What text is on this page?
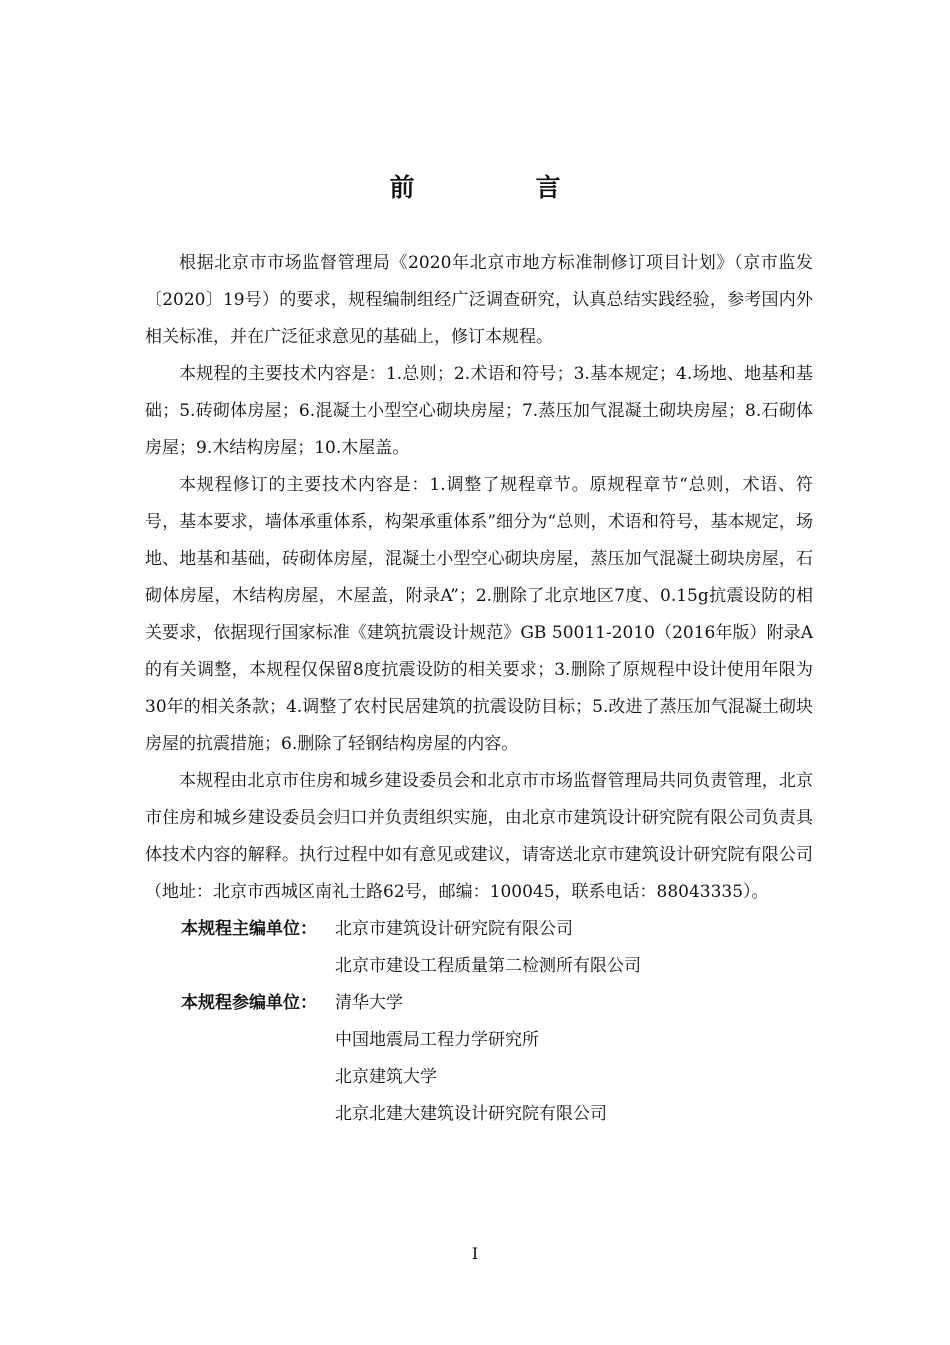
前　言

根据北京市市场监督管理局《2020年北京市地方标准制修订项目计划》（京市监发〔2020〕19号）的要求，规程编制组经广泛调查研究，认真总结实践经验，参考国内外相关标准，并在广泛征求意见的基础上，修订本规程。

本规程的主要技术内容是：1.总则；2.术语和符号；3.基本规定；4.场地、地基和基础；5.砖砌体房屋；6.混凝土小型空心砌块房屋；7.蒸压加气混凝土砌块房屋；8.石砌体房屋；9.木结构房屋；10.木屋盖。

本规程修订的主要技术内容是：1.调整了规程章节。原规程章节“总则，术语、符号，基本要求，墙体承重体系，构架承重体系”细分为“总则，术语和符号，基本规定，场地、地基和基础，砖砌体房屋，混凝土小型空心砌块房屋，蒸压加气混凝土砌块房屋，石砌体房屋，木结构房屋，木屋盖，附录A”；2.删除了北京地区7度、0.15g抗震设防的相关要求，依据现行国家标准《建筑抗震设计规范》GB 50011-2010（2016年版）附录A的有关调整，本规程仅保留8度抗震设防的相关要求；3.删除了原规程中设计使用年限为30年的相关条款；4.调整了农村民居建筑的抗震设防目标；5.改进了蒸压加气混凝土砌块房屋的抗震措施；6.删除了轻钢结构房屋的内容。

本规程由北京市住房和城乡建设委员会和北京市市场监督管理局共同负责管理，北京市住房和城乡建设委员会归口并负责组织实施，由北京市建筑设计研究院有限公司负责具体技术内容的解释。执行过程中如有意见或建议，请寄送北京市建筑设计研究院有限公司（地址：北京市西城区南礼士路62号，邮编：100045，联系电话：88043335）。

本规程主编单位：	北京市建筑设计研究院有限公司
北京市建设工程质量第二检测所有限公司
本规程参编单位：	清华大学
中国地震局工程力学研究所
北京建筑大学
北京北建大建筑设计研究院有限公司
I
